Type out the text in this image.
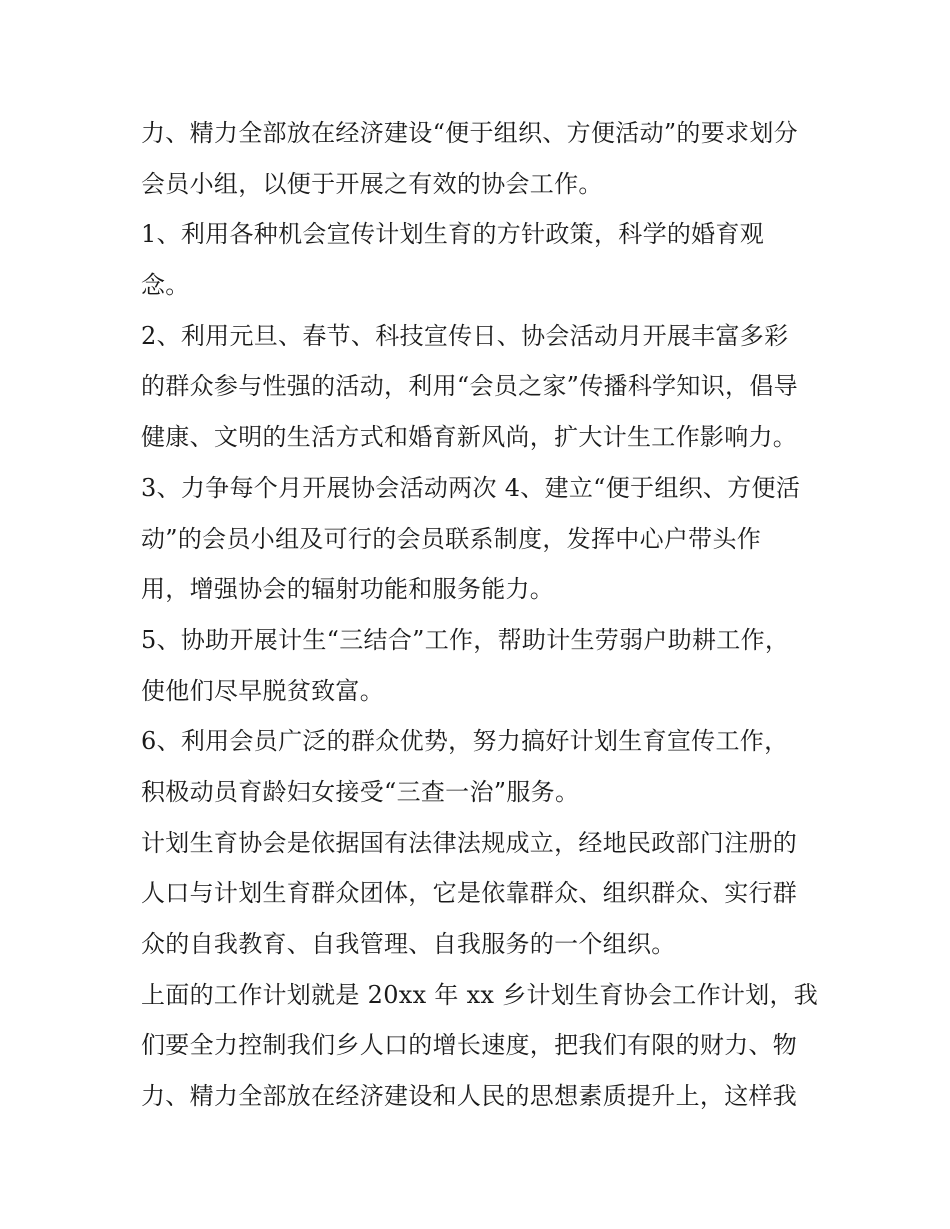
力、精力全部放在经济建设“便于组织、方便活动”的要求划分
会员小组，以便于开展之有效的协会工作。
1、利用各种机会宣传计划生育的方针政策，科学的婚育观
念。
2、利用元旦、春节、科技宣传日、协会活动月开展丰富多彩
的群众参与性强的活动，利用“会员之家”传播科学知识，倡导
健康、文明的生活方式和婚育新风尚，扩大计生工作影响力。
3、力争每个月开展协会活动两次 4、建立“便于组织、方便活
动”的会员小组及可行的会员联系制度，发挥中心户带头作
用，增强协会的辐射功能和服务能力。
5、协助开展计生“三结合”工作，帮助计生劳弱户助耕工作，
使他们尽早脱贫致富。
6、利用会员广泛的群众优势，努力搞好计划生育宣传工作，
积极动员育龄妇女接受“三查一治”服务。
计划生育协会是依据国有法律法规成立，经地民政部门注册的
人口与计划生育群众团体，它是依靠群众、组织群众、实行群
众的自我教育、自我管理、自我服务的一个组织。
上面的工作计划就是 20xx 年 xx 乡计划生育协会工作计划，我
们要全力控制我们乡人口的增长速度，把我们有限的财力、物
力、精力全部放在经济建设和人民的思想素质提升上，这样我
